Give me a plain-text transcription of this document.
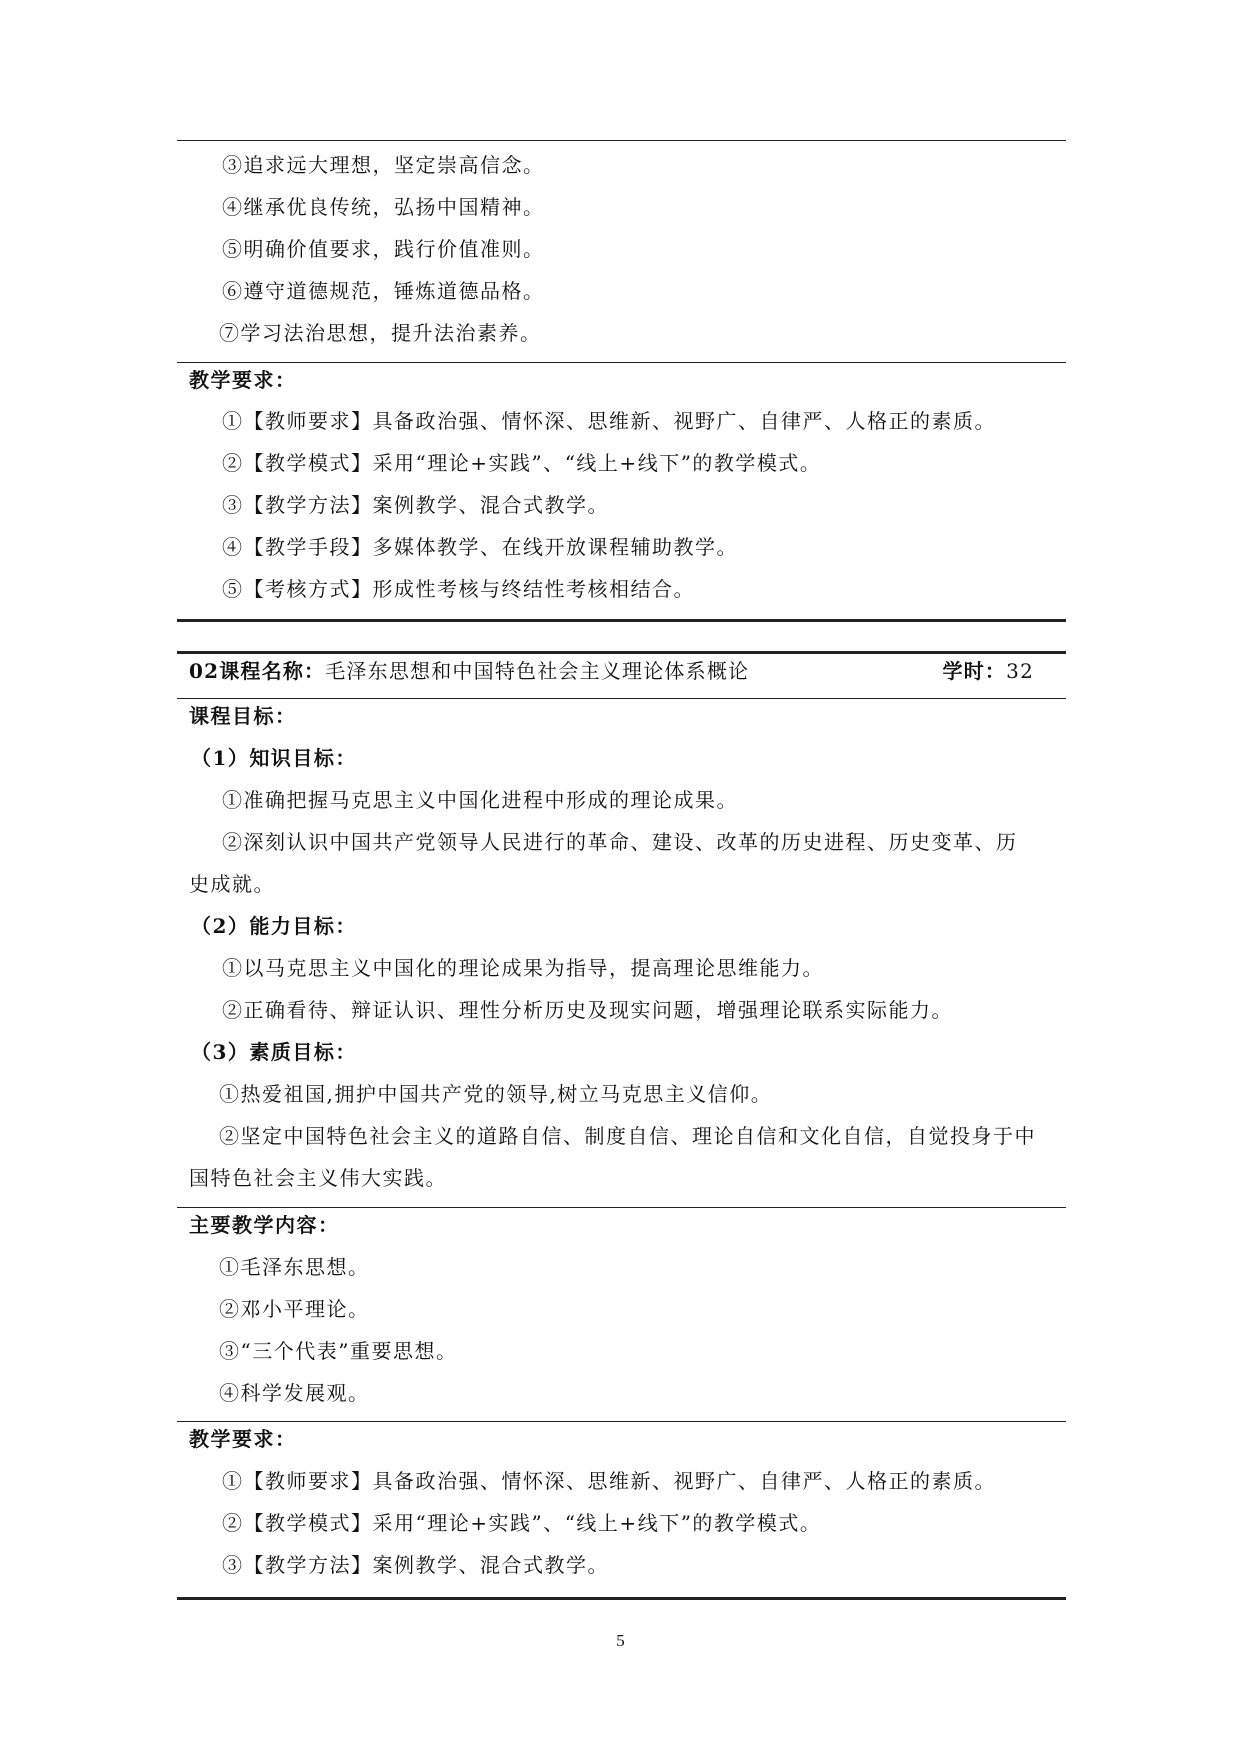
③追求远大理想，坚定崇高信念。
④继承优良传统，弘扬中国精神。
⑤明确价值要求，践行价值准则。
⑥遵守道德规范，锤炼道德品格。
⑦学习法治思想，提升法治素养。
教学要求：
①【教师要求】具备政治强、情怀深、思维新、视野广、自律严、人格正的素质。
②【教学模式】采用“理论+实践”、“线上+线下”的教学模式。
③【教学方法】案例教学、混合式教学。
④【教学手段】多媒体教学、在线开放课程辅助教学。
⑤【考核方式】形成性考核与终结性考核相结合。
02课程名称：毛泽东思想和中国特色社会主义理论体系概论	学时：32
课程目标：
（1）知识目标：
①准确把握马克思主义中国化进程中形成的理论成果。
②深刻认识中国共产党领导人民进行的革命、建设、改革的历史进程、历史变革、历
史成就。
（2）能力目标：
①以马克思主义中国化的理论成果为指导，提高理论思维能力。
②正确看待、辩证认识、理性分析历史及现实问题，增强理论联系实际能力。
（3）素质目标：
①热爱祖国,拥护中国共产党的领导,树立马克思主义信仰。
②坚定中国特色社会主义的道路自信、制度自信、理论自信和文化自信，自觉投身于中
国特色社会主义伟大实践。
主要教学内容：
①毛泽东思想。
②邓小平理论。
③“三个代表”重要思想。
④科学发展观。
教学要求：
①【教师要求】具备政治强、情怀深、思维新、视野广、自律严、人格正的素质。
②【教学模式】采用“理论+实践”、“线上+线下”的教学模式。
③【教学方法】案例教学、混合式教学。
5
